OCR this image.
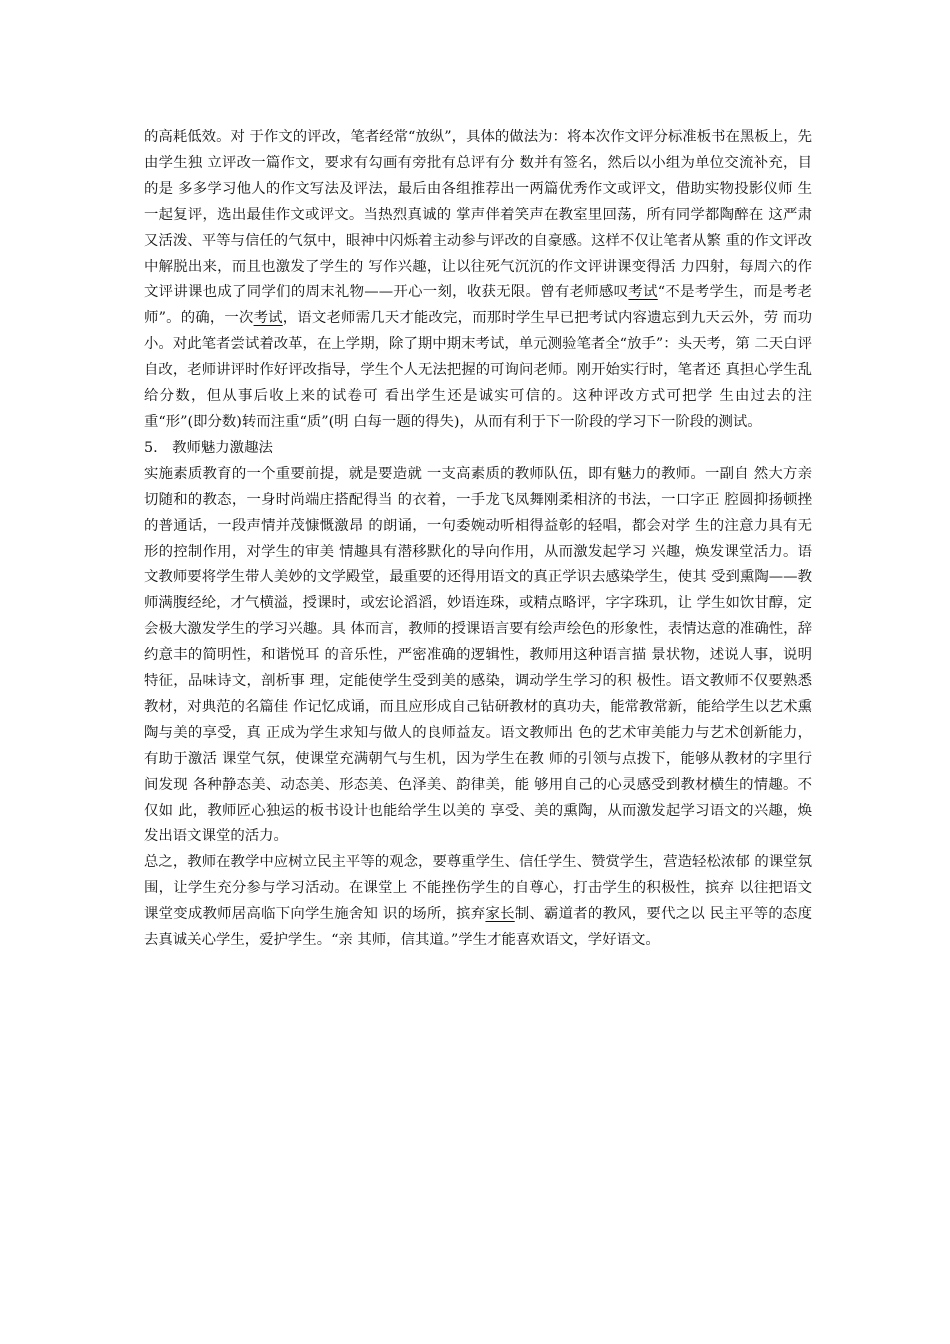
的高耗低效。对 于作文的评改，笔者经常“放纵”，具体的做法为：将本次作文评分标准板书在黑板上，先由学生独 立评改一篇作文，要求有勾画有旁批有总评有分 数并有签名，然后以小组为单位交流补充，目的是 多多学习他人的作文写法及评法，最后由各组推荐出一两篇优秀作文或评文，借助实物投影仪师 生一起复评，选出最佳作文或评文。当热烈真诚的 掌声伴着笑声在教室里回荡，所有同学都陶醉在 这严肃又活泼、平等与信任的气氛中，眼神中闪烁着主动参与评改的自豪感。这样不仅让笔者从繁 重的作文评改中解脱出来，而且也激发了学生的 写作兴趣，让以往死气沉沉的作文评讲课变得活 力四射，每周六的作文评讲课也成了同学们的周末礼物——开心一刻，收获无限。曾有老师感叹考试“不是考学生，而是考老师”。的确，一次考试，语文老师需几天才能改完，而那时学生早已把考试内容遗忘到九天云外，劳 而功小。对此笔者尝试着改革，在上学期，除了期中期末考试，单元测验笔者全“放手”：头天考，第 二天白评自改，老师讲评时作好评改指导，学生个人无法把握的可询问老师。刚开始实行时，笔者还 真担心学生乱给分数，但从事后收上来的试卷可 看出学生还是诚实可信的。这种评改方式可把学 生由过去的注重“形”(即分数)转而注重“质”(明 白每一题的得失)，从而有利于下一阶段的学习下一阶段的测试。

5.　教师魅力激趣法

实施素质教育的一个重要前提，就是要造就 一支高素质的教师队伍，即有魅力的教师。一副自 然大方亲切随和的教态，一身时尚端庄搭配得当 的衣着，一手龙飞凤舞刚柔相济的书法，一口字正 腔圆抑扬顿挫的普通话，一段声情并茂慷慨激昂 的朗诵，一句委婉动听相得益彰的轻唱，都会对学 生的注意力具有无形的控制作用，对学生的审美 情趣具有潜移默化的导向作用，从而激发起学习 兴趣，焕发课堂活力。语文教师要将学生带人美妙的文学殿堂，最重要的还得用语文的真正学识去感染学生，使其 受到熏陶——教师满腹经纶，才气横溢，授课时，或宏论滔滔，妙语连珠，或精点略评，字字珠玑，让 学生如饮甘醇，定会极大激发学生的学习兴趣。具 体而言，教师的授课语言要有绘声绘色的形象性，表情达意的准确性，辞约意丰的简明性，和谐悦耳 的音乐性，严密准确的逻辑性，教师用这种语言描 景状物，述说人事，说明特征，品味诗文，剖析事 理，定能使学生受到美的感染，调动学生学习的积 极性。语文教师不仅要熟悉教材，对典范的名篇佳 作记忆成诵，而且应形成自己钻研教材的真功夫，能常教常新，能给学生以艺术熏陶与美的享受，真 正成为学生求知与做人的良师益友。语文教师出 色的艺术审美能力与艺术创新能力，有助于激活 课堂气氛，使课堂充满朝气与生机，因为学生在教 师的引领与点拨下，能够从教材的字里行间发现 各种静态美、动态美、形态美、色泽美、韵律美，能 够用自己的心灵感受到教材横生的情趣。不仅如 此，教师匠心独运的板书设计也能给学生以美的 享受、美的熏陶，从而激发起学习语文的兴趣，焕 发出语文课堂的活力。

总之，教师在教学中应树立民主平等的观念，要尊重学生、信任学生、赞赏学生，营造轻松浓郁 的课堂氛围，让学生充分参与学习活动。在课堂上 不能挫伤学生的自尊心，打击学生的积极性，摈弃 以往把语文课堂变成教师居高临下向学生施舍知 识的场所，摈弃家长制、霸道者的教风，要代之以 民主平等的态度去真诚关心学生，爱护学生。“亲 其师，信其道。”学生才能喜欢语文，学好语文。
